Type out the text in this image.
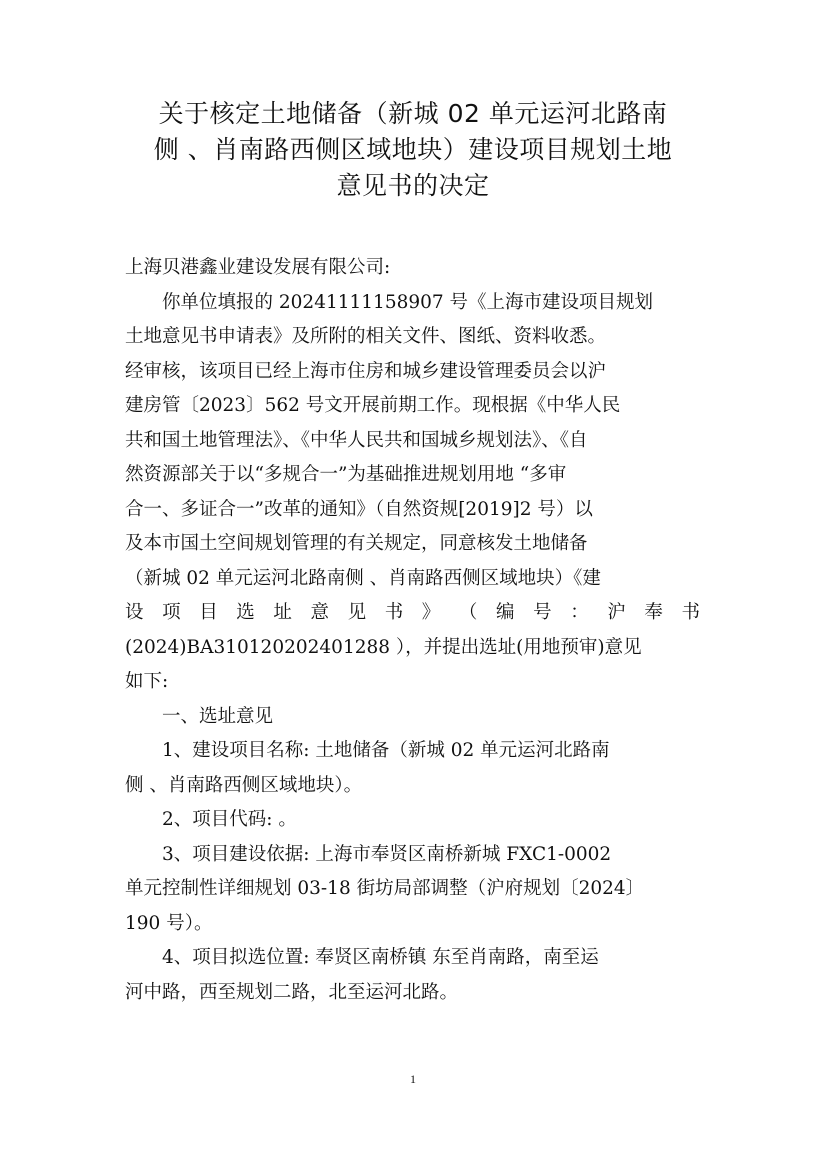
关于核定土地储备（新城 02 单元运河北路南
侧 、肖南路西侧区域地块）建设项目规划土地
意见书的决定
上海贝港鑫业建设发展有限公司:
你单位填报的 20241111158907 号《上海市建设项目规划
土地意见书申请表》及所附的相关文件、图纸、资料收悉。
经审核，该项目已经上海市住房和城乡建设管理委员会以沪
建房管〔2023〕562 号文开展前期工作。现根据《中华人民
共和国土地管理法》、《中华人民共和国城乡规划法》、《自
然资源部关于以“多规合一”为基础推进规划用地 “多审
合一、多证合一”改革的通知》（自然资规[2019]2 号）以
及本市国土空间规划管理的有关规定，同意核发土地储备
（新城 02 单元运河北路南侧 、肖南路西侧区域地块）《建
设 项 目 选 址 意 见 书 》 （ 编 号 ： 沪 奉 书
(2024)BA310120202401288 ），并提出选址(用地预审)意见
如下:
一、选址意见
1、建设项目名称: 土地储备（新城 02 单元运河北路南
侧 、肖南路西侧区域地块）。
2、项目代码: 。
3、项目建设依据: 上海市奉贤区南桥新城 FXC1-0002
单元控制性详细规划 03-18 街坊局部调整（沪府规划〔2024〕
190 号）。
4、项目拟选位置: 奉贤区南桥镇 东至肖南路，南至运
河中路，西至规划二路，北至运河北路。
1
